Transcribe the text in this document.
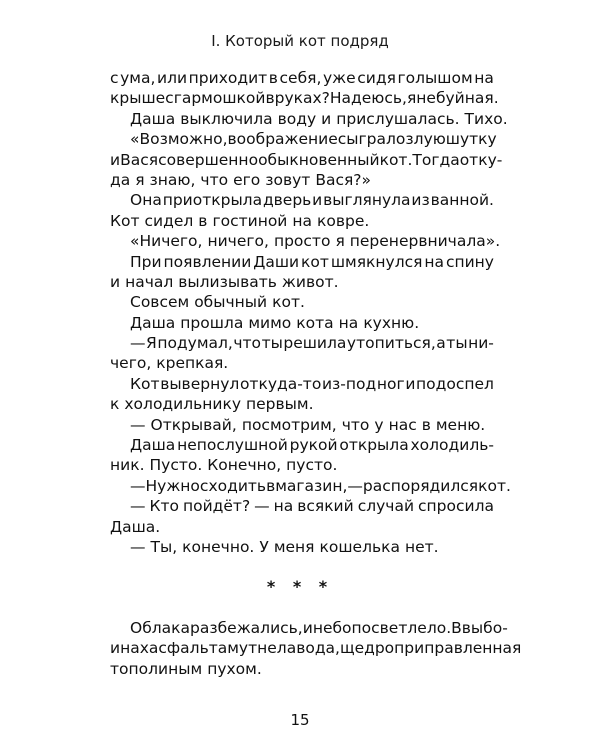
I. Который кот подряд
с ума, или приходит в себя, уже сидя голышом на
крыше с гармошкой в руках? Надеюсь, я не буйная.
Даша выключила воду и прислушалась. Тихо.
«Возможно, воображение сыграло злую шутку
и Вася совершенно обыкновенный кот. Тогда отку-
да я знаю, что его зовут Вася?»
Она приоткрыла дверь и выглянула из ванной.
Кот сидел в гостиной на ковре.
«Ничего, ничего, просто я перенервничала».
При появлении Даши кот шмякнулся на спину
и начал вылизывать живот.
Совсем обычный кот.
Даша прошла мимо кота на кухню.
— Я подумал, что ты решила утопиться, а ты ни-
чего, крепкая.
Кот вывернул откуда-то из-под ног и подоспел
к холодильнику первым.
— Открывай, посмотрим, что у нас в меню.
Даша непослушной рукой открыла холодиль-
ник. Пусто. Конечно, пусто.
— Нужно сходить в магазин, — распорядился кот.
— Кто пойдёт? — на всякий случай спросила
Даша.
— Ты, конечно. У меня кошелька нет.
* * *
Облака разбежались, и небо посветлело. В выбо-
инах асфальта мутнела вода, щедро приправленная
тополиным пухом.
15
